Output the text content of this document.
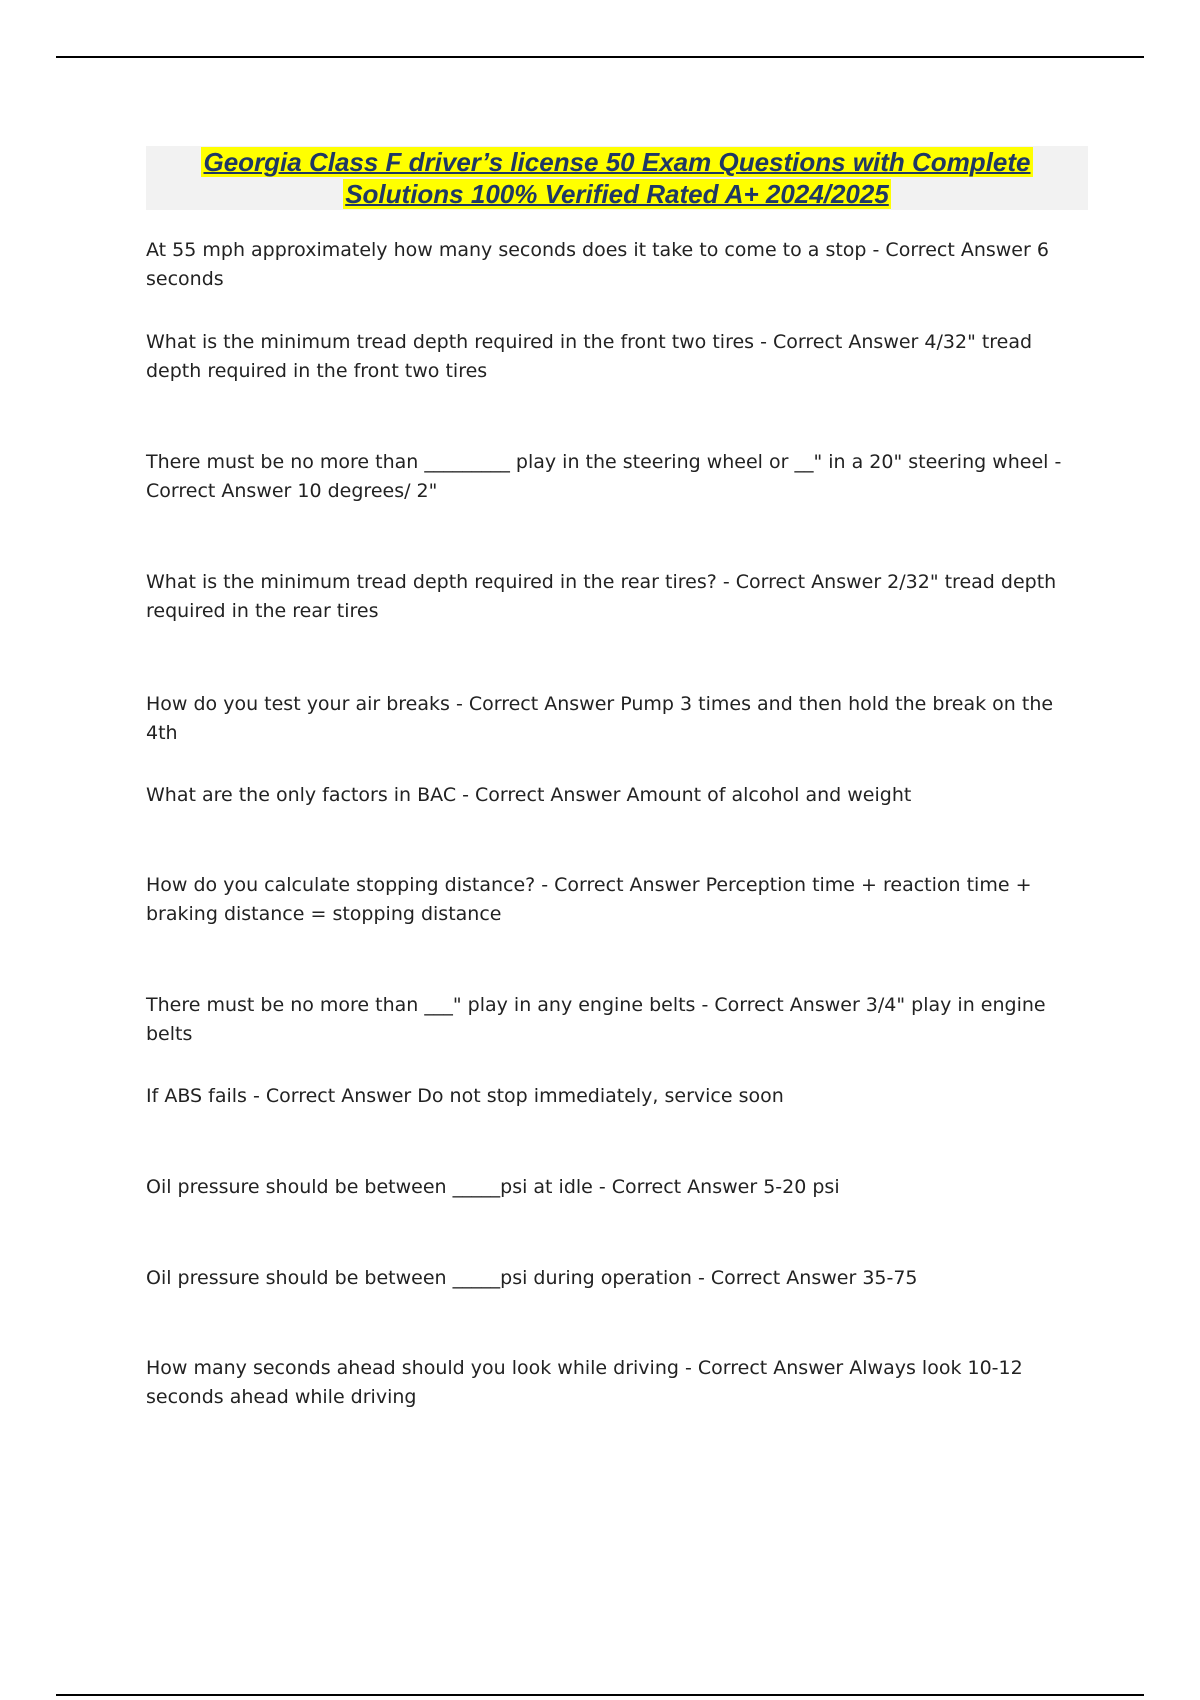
Georgia Class F driver’s license 50 Exam Questions with Complete
Solutions 100% Verified Rated A+ 2024/2025
At 55 mph approximately how many seconds does it take to come to a stop - Correct Answer 6 seconds
What is the minimum tread depth required in the front two tires - Correct Answer 4/32" tread depth required in the front two tires
There must be no more than _________ play in the steering wheel or __" in a 20" steering wheel - Correct Answer 10 degrees/ 2"
What is the minimum tread depth required in the rear tires? - Correct Answer 2/32" tread depth required in the rear tires
How do you test your air breaks - Correct Answer Pump 3 times and then hold the break on the 4th
What are the only factors in BAC - Correct Answer Amount of alcohol and weight
How do you calculate stopping distance? - Correct Answer Perception time + reaction time + braking distance = stopping distance
There must be no more than ___" play in any engine belts - Correct Answer 3/4" play in engine belts
If ABS fails - Correct Answer Do not stop immediately, service soon
Oil pressure should be between _____psi at idle - Correct Answer 5-20 psi
Oil pressure should be between _____psi during operation - Correct Answer 35-75
How many seconds ahead should you look while driving - Correct Answer Always look 10-12 seconds ahead while driving
